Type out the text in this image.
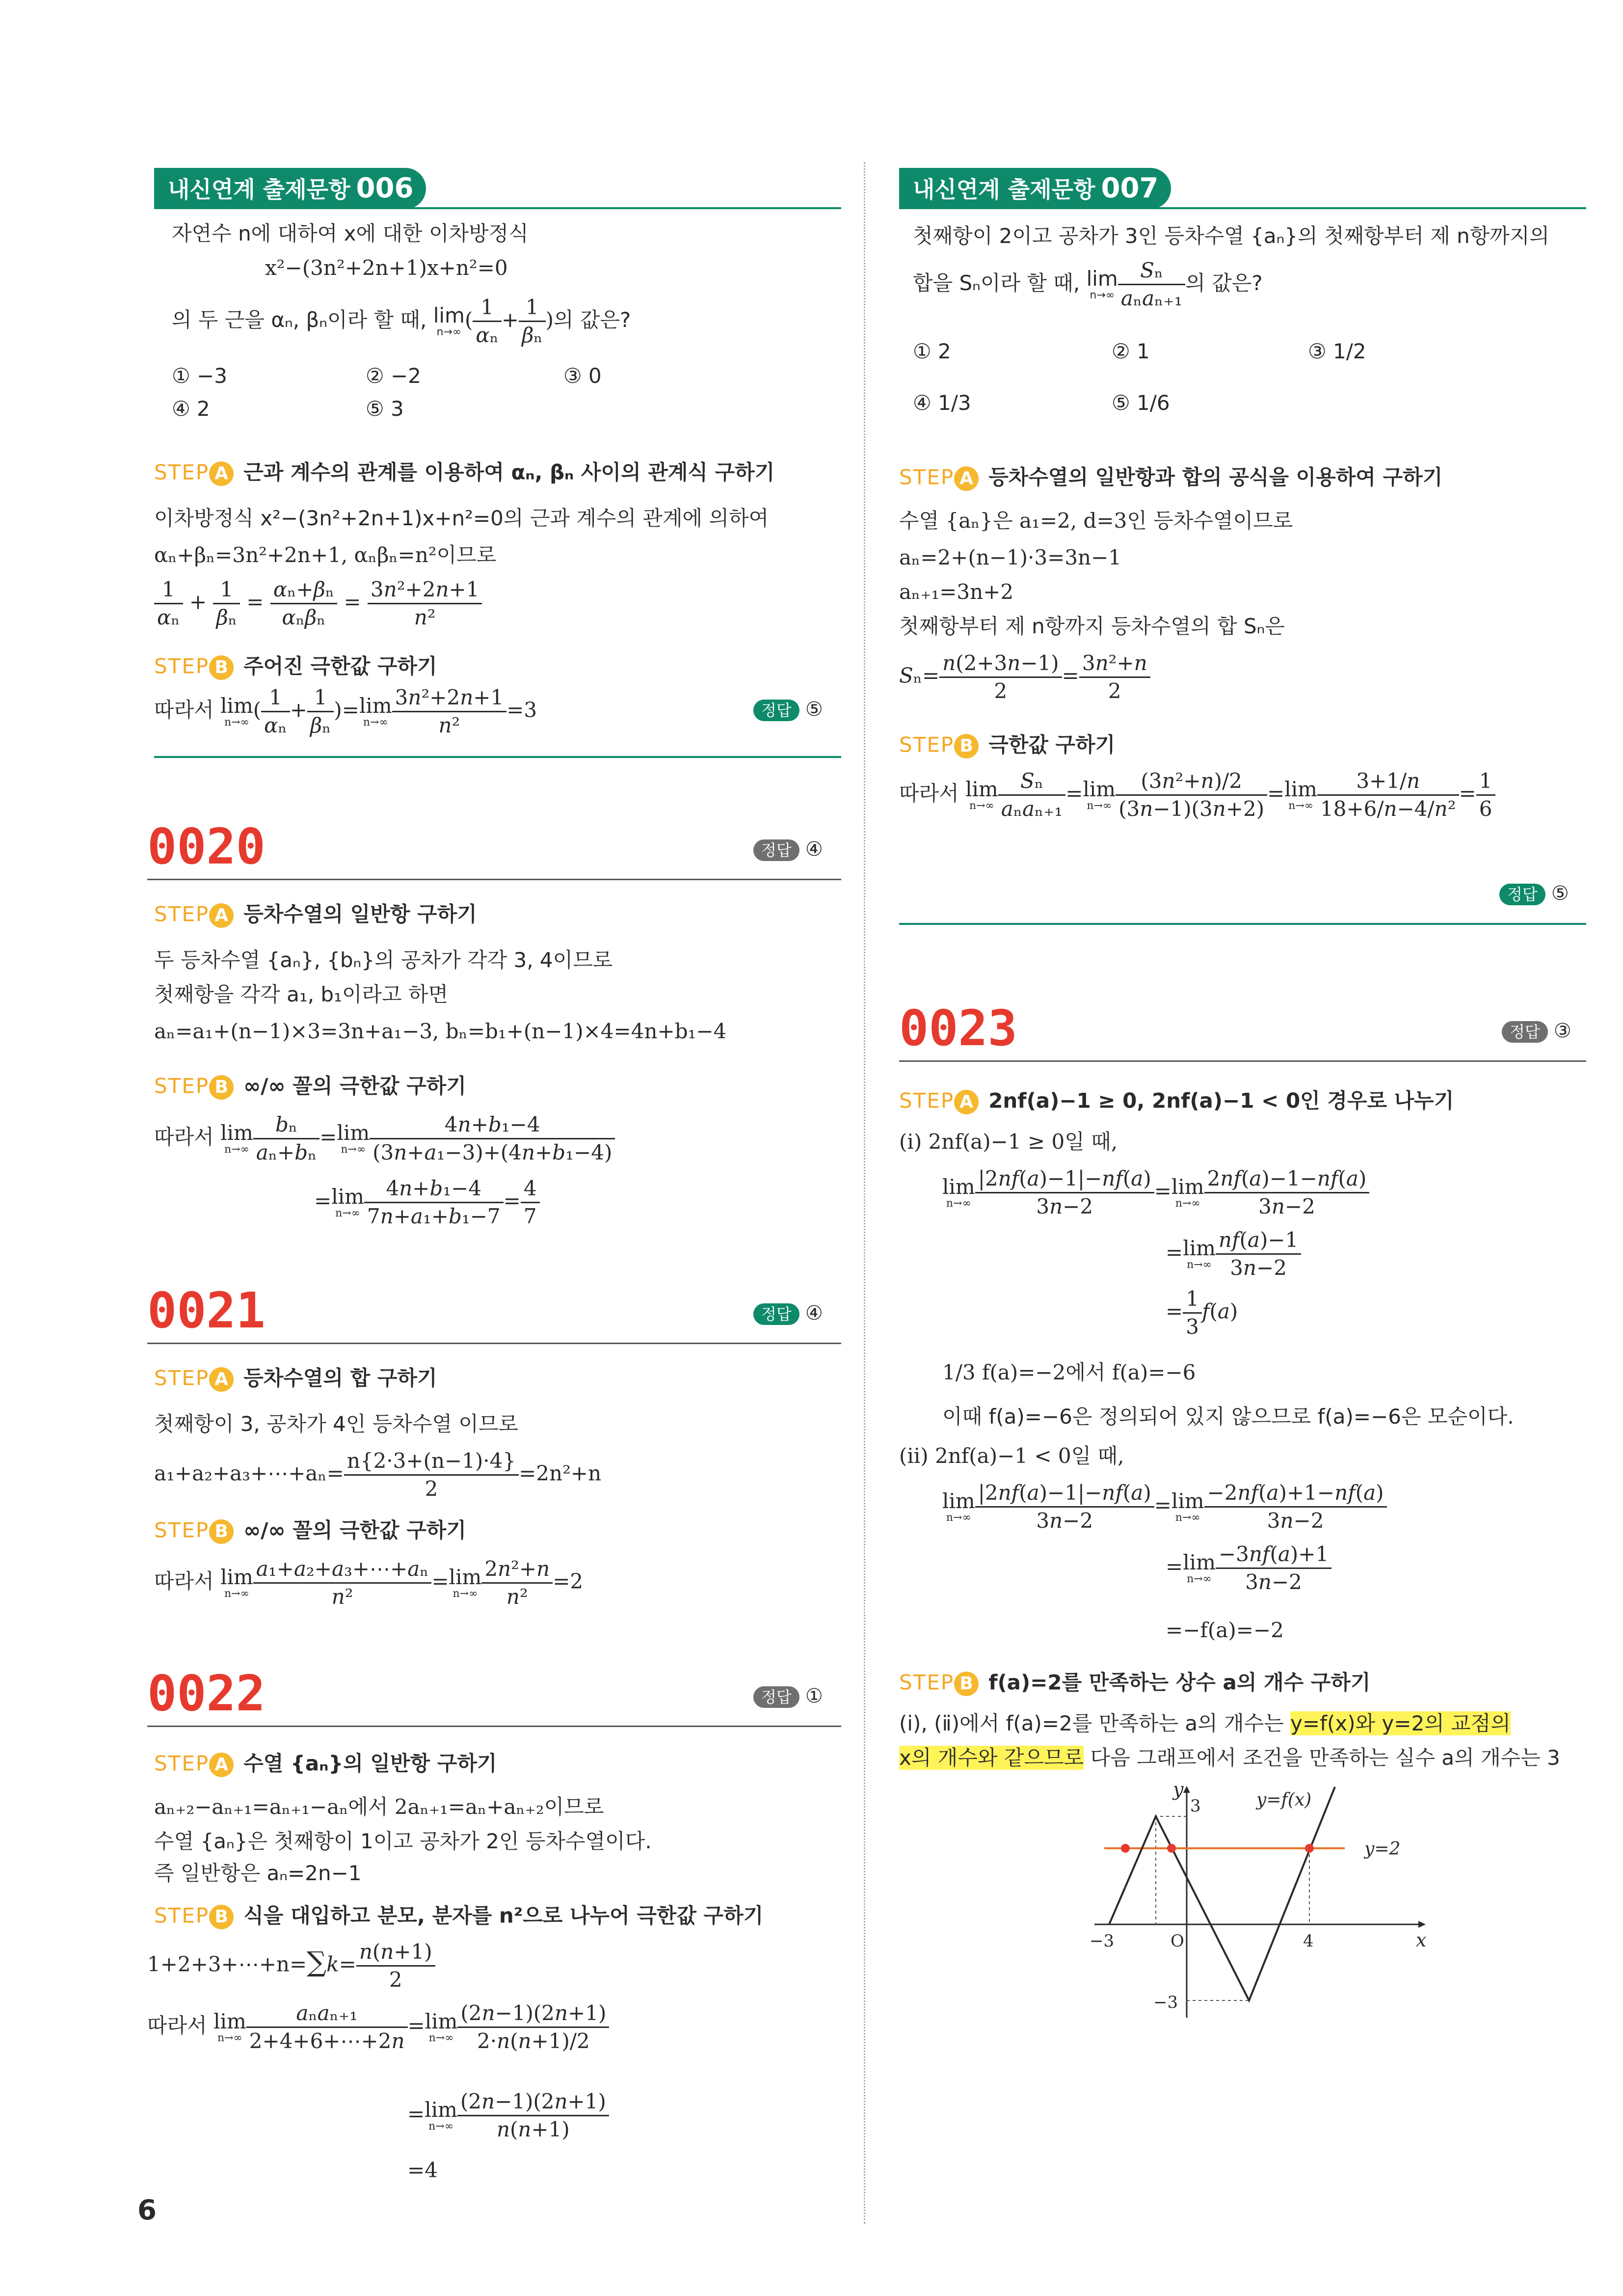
내신연계 출제문항 006
자연수 n에 대하여 x에 대한 이차방정식
x²−(3n²+2n+1)x+n²=0
의 두 근을 αₙ, βₙ이라 할 때, lim
n→∞ ( $\frac{1}{\text{αₙ}} + \frac{1}{\text{βₙ}}$ )의 값은?
① −3	② −2	③ 0
④ 2	⑤ 3
STEP A 근과 계수의 관계를 이용하여 αₙ, βₙ 사이의 관계식 구하기
이차방정식 x²−(3n²+2n+1)x+n²=0의 근과 계수의 관계에 의하여
αₙ+βₙ=3n²+2n+1, αₙβₙ=n²이므로
$\frac{1}{\text{αₙ}} + \frac{1}{\text{βₙ}}$ =
αₙ+βₙ
αₙβₙ
= $\frac{\text{3n²+2n+1}}{\text{n²}}$
STEP B 주어진 극한값 구하기
따라서 lim
n→∞
( $\frac{1}{\text{αₙ}} + \frac{1}{\text{βₙ}}$ )= lim
$n\to\infty \frac{\text{3n²+2n+1}}{\text{n²}} =3$	정답 ⑤
0020	정답 ④
STEP A 등차수열의 일반항 구하기
두 등차수열 {aₙ}, {bₙ}의 공차가 각각 3, 4이므로
첫째항을 각각 a₁, b₁이라고 하면
aₙ=a₁+(n−1)×3=3n+a₁−3, bₙ=b₁+(n−1)×4=4n+b₁−4
STEP B ∞/∞ 꼴의 극한값 구하기
따라서 lim
$n\to\infty \frac{\text{bₙ}}{\text{aₙ+bₙ}} = \lim$
$n\to\infty \frac{\text{4n+b₁−4}}{\text{(3n+a₁−3)+(4n+b₁−4)}}$
= lim
$n\to\infty \frac{\text{4n+b₁−4}}{\text{7n+a₁+b₁−7}} = \frac{4}{7}$
0021	정답 ④
STEP A 등차수열의 합 구하기
첫째항이 3, 공차가 4인 등차수열 이므로
a₁+a₂+a₃+⋯+aₙ= $\frac{n\{2\cdot 3+(n-1)\cdot 4\}}{2} =2n^2+n$
STEP B ∞/∞ 꼴의 극한값 구하기
따라서 lim
$n\to\infty \frac{\text{a₁+a₂+a₃+⋯+aₙ}}{\text{n²}} = \lim$
$n\to\infty \frac{\text{2n²+n}}{\text{n²}} =2$
0022	정답 ①
STEP A 수열 {aₙ}의 일반항 구하기
aₙ₊₂−aₙ₊₁=aₙ₊₁−aₙ에서 2aₙ₊₁=aₙ+aₙ₊₂이므로
수열 {aₙ}은 첫째항이 1이고 공차가 2인 등차수열이다.
즉 일반항은 aₙ=2n−1
STEP B 식을 대입하고 분모, 분자를 n²으로 나누어 극한값 구하기
1+2+3+⋯+n=∑k= $\frac{n(n+1)}{2}$
따라서 lim
n→∞
aₙaₙ₊₁
2+4+6+⋯+2n
= lim
$n\to\infty \frac{(2n-1)(2n+1)}{2\cdot n(n+1)/2}$
= lim
$n\to\infty \frac{(2n-1)(2n+1)}{n(n+1)}$
=4
6
내신연계 출제문항 007
첫째항이 2이고 공차가 3인 등차수열 {aₙ}의 첫째항부터 제 n항까지의
합을 Sₙ이라 할 때, lim
n→∞
Sₙ
aₙaₙ₊₁
의 값은?
① 2	② 1	③ 1/2
④ 1/3	⑤ 1/6
STEP A 등차수열의 일반항과 합의 공식을 이용하여 구하기
수열 {aₙ}은 a₁=2, d=3인 등차수열이므로
aₙ=2+(n−1)·3=3n−1
aₙ₊₁=3n+2
첫째항부터 제 n항까지 등차수열의 합 Sₙ은
$S_n= \frac{n(2+3n-1)}{2} = \frac{\text{3n²+n}}{2}$
STEP B 극한값 구하기
따라서 lim
n→∞
Sₙ
aₙaₙ₊₁
= lim
$n\to\infty \frac{\text{(3n²+n)/2}}{(3n-1)(3n+2)} = \lim$
$n\to\infty \frac{3+1/n}{\text{18+6/n−4/n²}} = \frac{1}{6}$
정답 ⑤
0023	정답 ③
STEP A 2nf(a)−1 ≥ 0, 2nf(a)−1 < 0인 경우로 나누기
(ⅰ) 2nf(a)−1 ≥ 0일 때,
lim
$n\to\infty \frac{|2nf(a)-1|-nf(a)}{3n-2} = \lim$
$n\to\infty \frac{2nf(a)-1-nf(a)}{3n-2}$
= lim
$n\to\infty \frac{nf(a)-1}{3n-2}$
= $\frac{1}{3} f(a)$
1/3 f(a)=−2에서 f(a)=−6
이때 f(a)=−6은 정의되어 있지 않으므로 f(a)=−6은 모순이다.
(ⅱ) 2nf(a)−1 < 0일 때,
lim
$n\to\infty \frac{|2nf(a)-1|-nf(a)}{3n-2} = \lim$
$n\to\infty \frac{-2nf(a)+1-nf(a)}{3n-2}$
= lim
$n\to\infty \frac{-3nf(a)+1}{3n-2}$
=−f(a)=−2
STEP B f(a)=2를 만족하는 상수 a의 개수 구하기
(ⅰ), (ⅱ)에서 f(a)=2를 만족하는 a의 개수는 y=f(x)와 y=2의 교점의
x의 개수와 같으므로 다음 그래프에서 조건을 만족하는 실수 a의 개수는 3
y
3	y=f(x)
y=2
−3	O	4	x
−3
